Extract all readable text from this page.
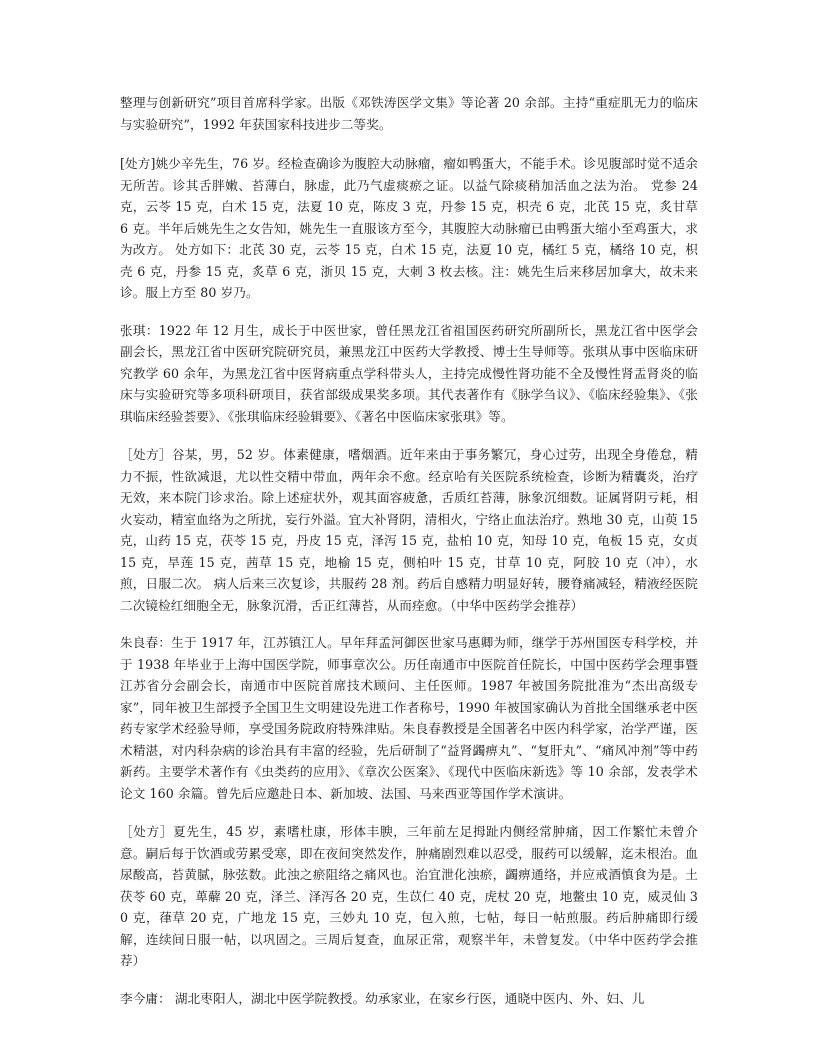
整理与创新研究”项目首席科学家。出版《邓铁涛医学文集》等论著 20 余部。主持“重症肌无力的临床与实验研究”，1992 年获国家科技进步二等奖。

[处方]姚少辛先生，76 岁。经检查确诊为腹腔大动脉瘤，瘤如鸭蛋大，不能手术。诊见腹部时觉不适余无所苦。诊其舌胖嫩、苔薄白，脉虚，此乃气虚痰瘀之证。以益气除痰稍加活血之法为治。 党参 24 克，云苓 15 克，白术 15 克，法夏 10 克，陈皮 3 克，丹参 15 克，枳壳 6 克，北芪 15 克，炙甘草 6 克。半年后姚先生之女告知，姚先生一直服该方至今，其腹腔大动脉瘤已由鸭蛋大缩小至鸡蛋大，求为改方。 处方如下：北芪 30 克，云苓 15 克，白术 15 克，法夏 10 克，橘红 5 克，橘络 10 克，枳壳 6 克，丹参 15 克，炙草 6 克，浙贝 15 克，大刺 3 枚去核。注：姚先生后来移居加拿大，故未来诊。服上方至 80 岁乃。

张琪：1922 年 12 月生，成长于中医世家，曾任黑龙江省祖国医药研究所副所长，黑龙江省中医学会副会长，黑龙江省中医研究院研究员，兼黑龙江中医药大学教授、博士生导师等。张琪从事中医临床研究教学 60 余年，为黑龙江省中医肾病重点学科带头人，主持完成慢性肾功能不全及慢性肾盂肾炎的临床与实验研究等多项科研项目，获省部级成果奖多项。其代表著作有《脉学刍议》、《临床经验集》、《张琪临床经验荟要》、《张琪临床经验辑要》、《著名中医临床家张琪》等。

［处方］谷某，男，52 岁。体素健康，嗜烟酒。近年来由于事务繁冗，身心过劳，出现全身倦怠，精力不振，性欲减退，尤以性交精中带血，两年余不愈。经京哈有关医院系统检查，诊断为精囊炎，治疗无效，来本院门诊求治。除上述症状外，观其面容疲惫，舌质红苔薄，脉象沉细数。证属肾阴亏耗，相火妄动，精室血络为之所扰，妄行外溢。宜大补肾阴，清相火，宁络止血法治疗。熟地 30 克，山萸 15 克，山药 15 克，茯苓 15 克，丹皮 15 克，泽泻 15 克，盐柏 10 克，知母 10 克，龟板 15 克，女贞 15 克，旱莲 15 克，茜草 15 克，地榆 15 克，侧柏叶 15 克，甘草 10 克，阿胶 10 克（冲），水煎，日服二次。 病人后来三次复诊，共服药 28 剂。药后自感精力明显好转，腰脊痛减轻，精液经医院二次镜检红细胞全无，脉象沉滑，舌正红薄苔，从而痊愈。（中华中医药学会推荐）

朱良春：生于 1917 年，江苏镇江人。早年拜孟河御医世家马惠卿为师，继学于苏州国医专科学校，并于 1938 年毕业于上海中国医学院，师事章次公。历任南通市中医院首任院长，中国中医药学会理事暨江苏省分会副会长，南通市中医院首席技术顾问、主任医师。1987 年被国务院批准为“杰出高级专家”，同年被卫生部授予全国卫生文明建设先进工作者称号，1990 年被国家确认为首批全国继承老中医药专家学术经验导师，享受国务院政府特殊津贴。朱良春教授是全国著名中医内科学家，治学严谨，医术精湛，对内科杂病的诊治具有丰富的经验，先后研制了“益肾蠲痹丸”、“复肝丸”、“痛风冲剂”等中药新药。主要学术著作有《虫类药的应用》、《章次公医案》、《现代中医临床新选》等 10 余部，发表学术论文 160 余篇。曾先后应邀赴日本、新加坡、法国、马来西亚等国作学术演讲。

［处方］夏先生，45 岁，素嗜杜康，形体丰腴，三年前左足拇趾内侧经常肿痛，因工作繁忙未曾介意。嗣后每于饮酒或劳累受寒，即在夜间突然发作，肿痛剧烈难以忍受，服药可以缓解，迄未根治。血尿酸高，苔黄腻，脉弦数。此浊之瘀阻络之痛风也。治宜泄化浊瘀，蠲痹通络，并应戒酒慎食为是。土茯苓 60 克，萆薢 20 克，泽兰、泽泻各 20 克，生苡仁 40 克，虎杖 20 克，地鳖虫 10 克，威灵仙 30 克，葎草 20 克，广地龙 15 克，三妙丸 10 克，包入煎，七帖，每日一帖煎服。药后肿痛即行缓解，连续间日服一帖，以巩固之。三周后复查，血尿正常，观察半年，未曾复发。（中华中医药学会推荐）

李今庸： 湖北枣阳人，湖北中医学院教授。幼承家业，在家乡行医，通晓中医内、外、妇、儿
